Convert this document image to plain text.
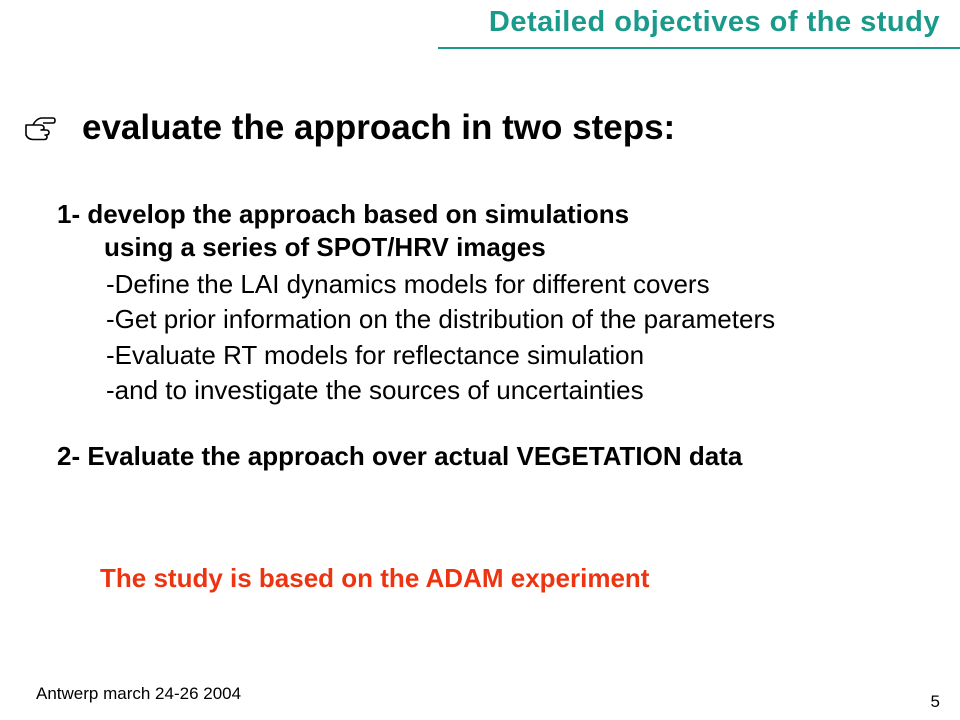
Detailed objectives of the study
evaluate the approach in two steps:
1- develop the approach based on simulations
using a series of SPOT/HRV images
-Define the LAI dynamics models for different covers
-Get prior information on the distribution of the parameters
-Evaluate RT models for reflectance simulation
-and to investigate the sources of uncertainties
2- Evaluate the approach over actual VEGETATION data
The study is based on the ADAM experiment
Antwerp march 24-26 2004	5
